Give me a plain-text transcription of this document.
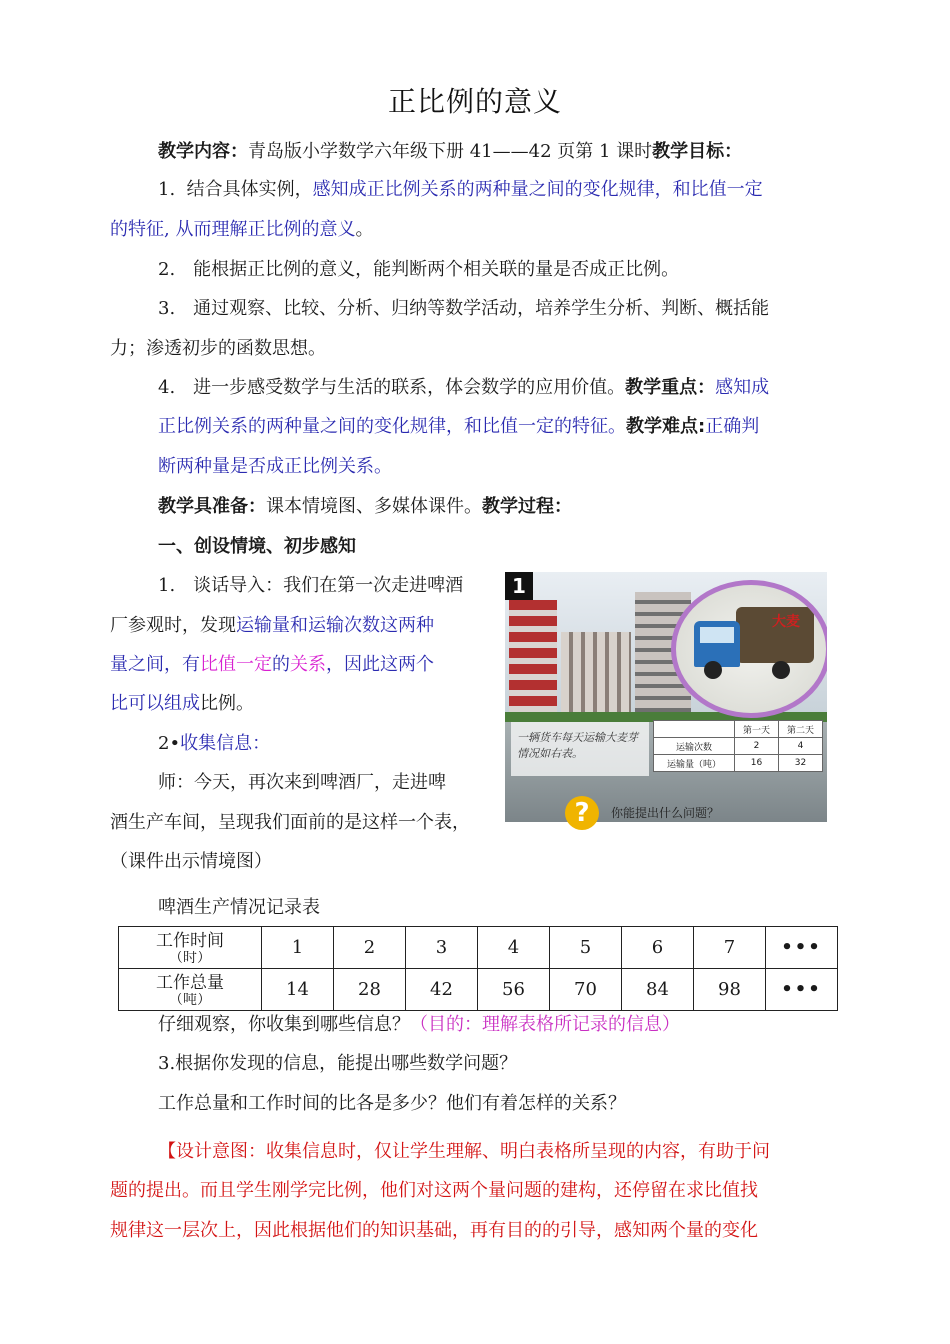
正比例的意义
教学内容：青岛版小学数学六年级下册 41——42 页第 1 课时教学目标：
1. 结合具体实例，感知成正比例关系的两种量之间的变化规律，和比值一定
的特征, 从而理解正比例的意义。
2.　能根据正比例的意义，能判断两个相关联的量是否成正比例。
3.　通过观察、比较、分析、归纳等数学活动，培养学生分析、判断、概括能
力；渗透初步的函数思想。
4.　进一步感受数学与生活的联系，体会数学的应用价值。教学重点：感知成
正比例关系的两种量之间的变化规律，和比值一定的特征。教学难点:正确判
断两种量是否成正比例关系。
教学具准备：课本情境图、多媒体课件。教学过程：
一、创设情境、初步感知
1.　谈话导入：我们在第一次走进啤酒
厂参观时，发现运输量和运输次数这两种
量之间，有比值一定的关系，因此这两个
比可以组成比例。
2•收集信息：
师：今天，再次来到啤酒厂，走进啤
酒生产车间，呈现我们面前的是这样一个表，
（课件出示情境图）
1
大麦
一辆货车每天运输大麦芽情况如右表。
	第一天	第二天
运输次数	2	4
运输量（吨）	16	32
?	你能提出什么问题？
啤酒生产情况记录表
工作时间
（时）	1	2	3	4	5	6	7	•••
工作总量
（吨）	14	28	42	56	70	84	98	•••
仔细观察，你收集到哪些信息？（目的：理解表格所记录的信息）
3.根据你发现的信息，能提出哪些数学问题？
工作总量和工作时间的比各是多少？他们有着怎样的关系？
【设计意图：收集信息时，仅让学生理解、明白表格所呈现的内容，有助于问
题的提出。而且学生刚学完比例，他们对这两个量问题的建构，还停留在求比值找
规律这一层次上，因此根据他们的知识基础，再有目的的引导，感知两个量的变化
